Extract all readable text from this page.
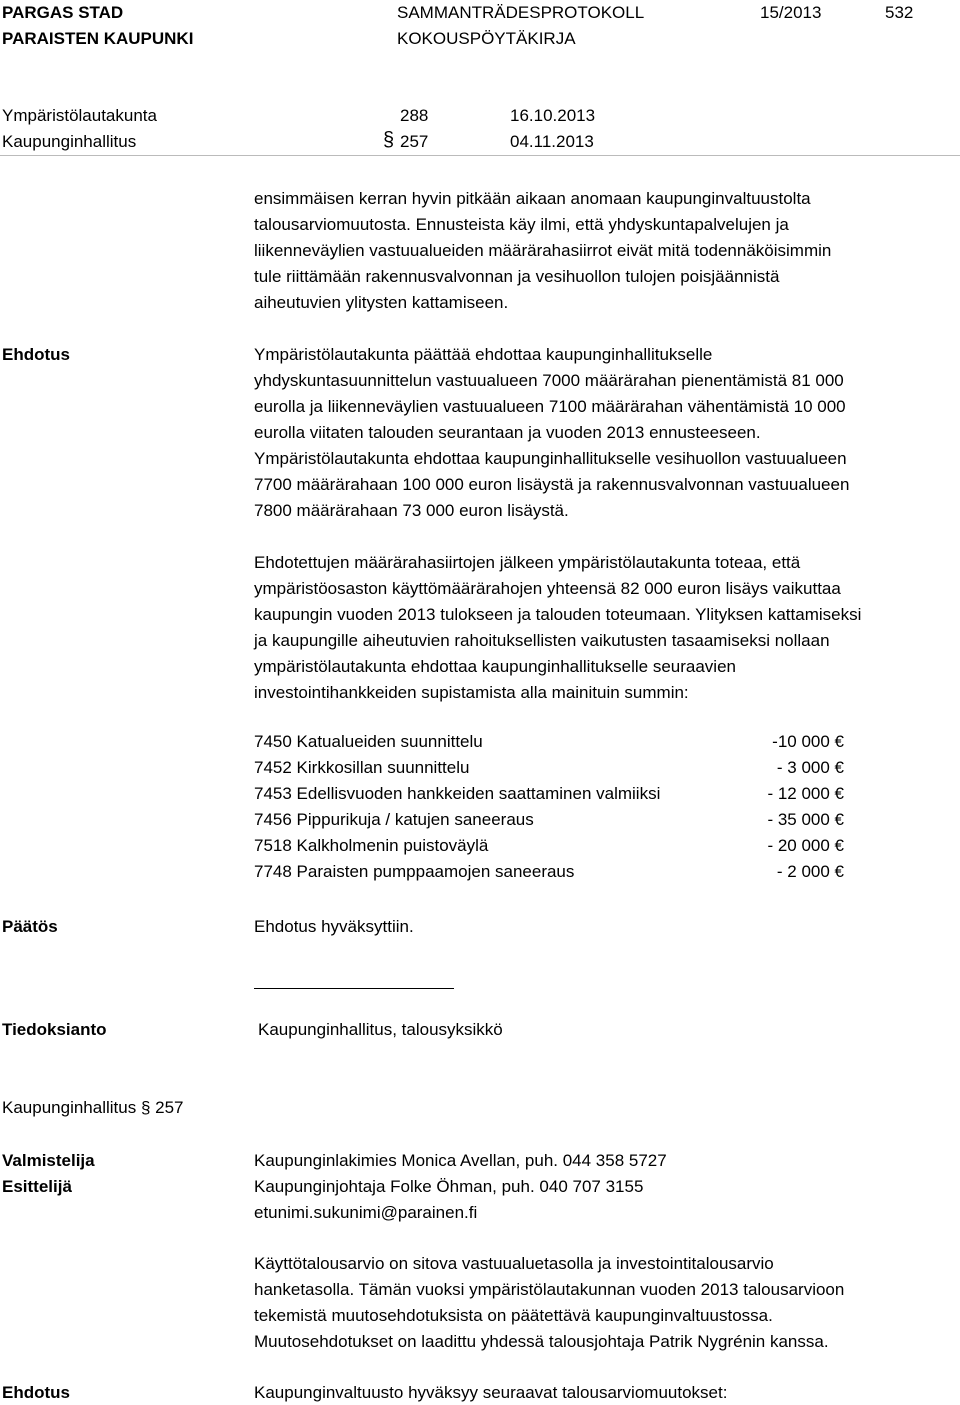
PARGAS STAD
PARAISTEN KAUPUNKI
SAMMANTRÄDESPROTOKOLL
KOKOUSPÖYTÄKIRJA
15/2013	532
Ympäristölautakunta	288	16.10.2013
Kaupunginhallitus	257	04.11.2013
§
ensimmäisen kerran hyvin pitkään aikaan anomaan kaupunginvaltuustolta
talousarviomuutosta. Ennusteista käy ilmi, että yhdyskuntapalvelujen ja
liikenneväylien vastuualueiden määrärahasiirrot eivät mitä todennäköisimmin
tule riittämään rakennusvalvonnan ja vesihuollon tulojen poisjäännistä
aiheutuvien ylitysten kattamiseen.
Ehdotus	Ympäristölautakunta päättää ehdottaa kaupunginhallitukselle
yhdyskuntasuunnittelun vastuualueen 7000 määrärahan pienentämistä 81 000
eurolla ja liikenneväylien vastuualueen 7100 määrärahan vähentämistä 10 000
eurolla viitaten talouden seurantaan ja vuoden 2013 ennusteeseen.
Ympäristölautakunta ehdottaa kaupunginhallitukselle vesihuollon vastuualueen
7700 määrärahaan 100 000 euron lisäystä ja rakennusvalvonnan vastuualueen
7800 määrärahaan 73 000 euron lisäystä.
Ehdotettujen määrärahasiirtojen jälkeen ympäristölautakunta toteaa, että
ympäristöosaston käyttömäärärahojen yhteensä 82 000 euron lisäys vaikuttaa
kaupungin vuoden 2013 tulokseen ja talouden toteumaan. Ylityksen kattamiseksi
ja kaupungille aiheutuvien rahoituksellisten vaikutusten tasaamiseksi nollaan
ympäristölautakunta ehdottaa kaupunginhallitukselle seuraavien
investointihankkeiden supistamista alla mainituin summin:
7450 Katualueiden suunnittelu	-10 000 €
7452 Kirkkosillan suunnittelu	- 3 000 €
7453 Edellisvuoden hankkeiden saattaminen valmiiksi	- 12 000 €
7456 Pippurikuja / katujen saneeraus	- 35 000 €
7518 Kalkholmenin puistoväylä	- 20 000 €
7748 Paraisten pumppaamojen saneeraus	- 2 000 €
Päätös	Ehdotus hyväksyttiin.
Tiedoksianto	Kaupunginhallitus, talousyksikkö
Kaupunginhallitus § 257
Valmistelija	Kaupunginlakimies Monica Avellan, puh. 044 358 5727
Esittelijä	Kaupunginjohtaja Folke Öhman, puh. 040 707 3155
etunimi.sukunimi@parainen.fi
Käyttötalousarvio on sitova vastuualuetasolla ja investointitalousarvio
hanketasolla. Tämän vuoksi ympäristölautakunnan vuoden 2013 talousarvioon
tekemistä muutosehdotuksista on päätettävä kaupunginvaltuustossa.
Muutosehdotukset on laadittu yhdessä talousjohtaja Patrik Nygrénin kanssa.
Ehdotus	Kaupunginvaltuusto hyväksyy seuraavat talousarviomuutokset:
